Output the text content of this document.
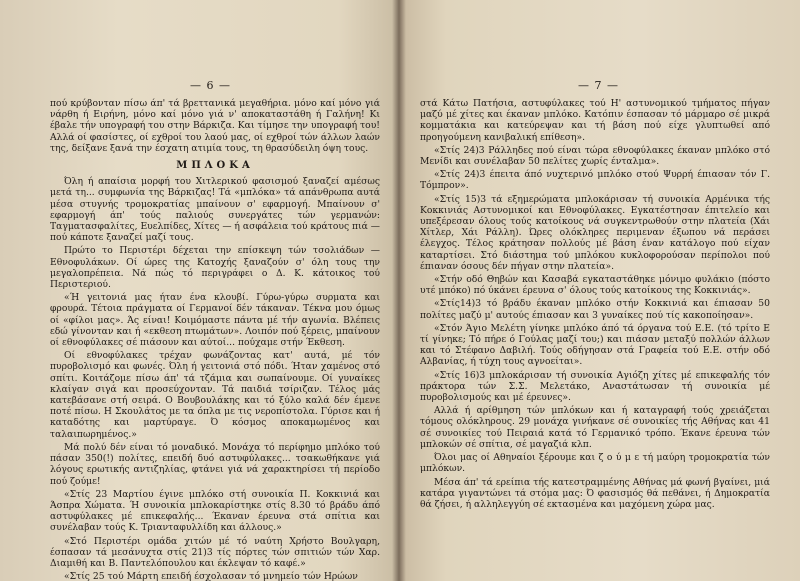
— 6 —

πού κρύβονταν πίσω άπ' τά βρεττανικά μεγαθήρια. μόνο καί μόνο γιά νάρθη ή Ειρήνη, μόνο καί μόνο γιά ν' αποκαταστάθη ή Γαλήνη! Κι έβαλε τήν υπογραφή του στην Βάρκιζα. Και τίμησε την υπογραφή του! Αλλά οί φασίστες, οί εχθροί του λαού μας, οί εχθροί τών άλλων λαών της, δείξανε ξανά την έσχατη ατιμία τους, τη θρασύδειλη όψη τους.

ΜΠΛΟΚΑ

Όλη ή απαίσια μορφή του Χιτλερικού φασισμού ξαναζεί αμέσως μετά τη... συμφωνία της Βάρκιζας! Τά «μπλόκα» τά απάνθρωπα αυτά μέσα στυγνής τρομοκρατίας μπαίνουν σ' εφαρμογή. Μπαίνουν σ' εφαρμογή άπ' τούς παλιούς συνεργάτες τών γερμανών: Ταγματασφαλίτες, Ευελπίδες, Χίτες — ή ασφάλεια τού κράτους πιά — πού κάποτε ξαναζεί μαζί τους.

Πρώτο το Περιστέρι δέχεται την επίσκεψη τών τσολιάδων — Εθνοφυλάκων. Οί ώρες της Κατοχής ξαναζούν σ' όλη τους την μεγαλοπρέπεια. Νά πώς τό περιγράφει ο Δ. Κ. κάτοικος τού Περιστεριού.

«Ή γειτονιά μας ήταν ένα κλουβί. Γύρω-γύρω συρματα και φρουρά. Τέτοια πράγματα οί Γερμανοί δέν τάκαναν. Τέκνα μου όμως οί «φίλοι μας». Άς είναι! Κοιμόμαστε πάντα μέ τήν αγωνία. Βλέπεις εδώ γίνονταν και ή «εκθεση πτωμάτων». Λοιπόν πού ξέρεις, μπαίνουν οί εθνοφύλακες σέ πιάσουν και αύτοί... πούχαμε στήν Έκθεση.

Οί εθνοφύλακες τρέχαν φωνάζοντας κατ' αυτά, μέ τόν πυροβολισμό και φωνές. Όλη ή γειτονιά στό πόδι. Ήταν χαμένος στό σπίτι. Κοιτάζομε πίσω άπ' τά τζάμια και σωπαίνουμε. Οί γυναίκες κλαίγαν σιγά και προσεύχονταν. Τά παιδιά τσίριζαν. Τέλος μάς κατεβάσανε στή σειρά. Ο Βουβουλάκης και τό ξύλο καλά δέν έμενε ποτέ πίσω. Η Σκουλάτος με τα όπλα με τις νεροπίστολα. Γύρισε και ή καταδότης και μαρτύραγε. Ό κόσμος αποκαμωμένος και ταλαιπωρημένος.»

Μά πολύ δέν είναι τό μοναδικό. Μονάχα τό περίφημο μπλόκο τού πάσαν 350(!) πολίτες, επειδή δυό αστυφύλακες... τσακωθήκανε γιά λόγους ερωτικής αντιζηλίας, φτάνει γιά νά χαρακτηρίσει τή περίοδο πού ζούμε!

«Στίς 23 Μαρτίου έγινε μπλόκο στή συνοικία Π. Κοκκινιά και Άσπρα Χώματα. Ή συνοικία μπλοκαρίστηκε στίς 8.30 τό βράδυ άπό αστυφύλακες μέ επικεφαλής... Έκαναν έρευνα στά σπίτια και συνέλαβαν τούς Κ. Τριανταφυλλίδη και άλλους.»

«Στό Περιστέρι ομάδα χιτών μέ τό ναύτη Χρήστο Βουλγαρη, έσπασαν τά μεσάνυχτα στίς 21)3 τίς πόρτες τών σπιτιών τών Χαρ. Διαμιθή και Β. Παντελόπουλου και έκλεψαν τό καφέ.»

«Στίς 25 τού Μάρτη επειδή έσχολασαν τό μνημείο τών Ηρώων

— 7 —

στά Κάτω Πατήσια, αστυφύλακες τού Η' αστυνομικού τμήματος πήγαν μαζύ μέ χίτες και έκαναν μπλόκο. Κατόπιν έσπασαν τό μάρμαρο σέ μικρά κομματάκια και κατεύρεψαν και τή βάση πού είχε γλυπτωθεί από προηγούμενη κανιβαλική επίθεση».

«Στίς 24)3 Ράλληδες πού είναι τώρα εθνοφύλακες έκαναν μπλόκο στό Μενίδι και συνέλαβαν 50 πελίτες χωρίς ένταλμα».

«Στίς 24)3 έπειτα άπό νυχτερινό μπλόκο στού Ψυρρή έπιασαν τόν Γ. Τόμπρον».

«Στίς 15)3 τά εξημερώματα μπλοκάρισαν τή συνοικία Αρμένικα τής Κοκκινιάς Αστυνομικοί και Εθνοφύλακες. Εγκατέστησαν έπιτελείο και υπεξέρεσαν όλους τούς κατοίκους νά συγκεντρωθούν στην πλατεία (Χάι Χίτλερ, Χάι Ράλλη). Ώρες ολόκληρες περιμεναν έξωπου νά περάσει έλεγχος. Τέλος κράτησαν πολλούς μέ βάση έναν κατάλογο πού είχαν καταρτίσει. Στό διάστημα τού μπλόκου κυκλοφορούσαν περίπολοι πού έπιαναν όσους δέν πήγαν στην πλατεία».

«Στήν οδό Θηβών και Κασαβά εγκαταστάθηκε μόνιμο φυλάκιο (πόστο υτέ μπόκο) πό ύκάνει έρευνα σ' όλους τούς κατοίκους της Κοκκινιάς».

«Στίς14)3 τό βράδυ έκαναν μπλόκο στήν Κοκκινιά και έπιασαν 50 πολίτες μαζύ μ' αυτούς έπιασαν και 3 γυναίκες πού τίς κακοποίησαν».

«Στόν Άγιο Μελέτη γίνηκε μπλόκο άπό τά όργανα τού Ε.Ε. (τό τρίτο Ε τί γίνηκε; Τό πήρε ό Γούλας μαζί του;) και πιάσαν μεταξύ πολλών άλλων και τό Στέφανο Δαβιλή. Τούς οδήγησαν στά Γραφεία τού Ε.Ε. στήν οδό Αλβανίας, ή τύχη τους αγνοείται».

«Στίς 16)3 μπλοκάρισαν τή συνοικία Αγιόζη χίτες μέ επικεφαλής τόν πράκτορα τών Σ.Σ. Μελετάκο, Αναστάτωσαν τή συνοικία μέ πυροβολισμούς και μέ έρευνες».

Αλλά ή αρίθμηση τών μπλόκων και ή καταγραφή τούς χρειάζεται τόμους ολόκληρους. 29 μονάχα γινήκανε σέ συνοικίες τής Αθήνας και 41 σέ συνοικίες τού Πειραιά κατά τό Γερμανικό τρόπο. Έκανε έρευνα τών μπλοκών σέ σπίτια, σέ μαγαζιά κλπ.

Όλοι μας οί Αθηναίοι ξέρουμε και ζ ο ύ μ ε τή μαύρη τρομοκρατία τών μπλόκων.

Μέσα άπ' τά ερείπια τής κατεστραμμένης Αθήνας μά φωνή βγαίνει, μιά κατάρα γιγαντώνει τά στόμα μας: Ό φασισμός θά πεθάνει, ή Δημοκρατία θά ζήσει, ή αλληλεγγύη σέ εκτασμένα και μαχόμενη χώρα μας.
